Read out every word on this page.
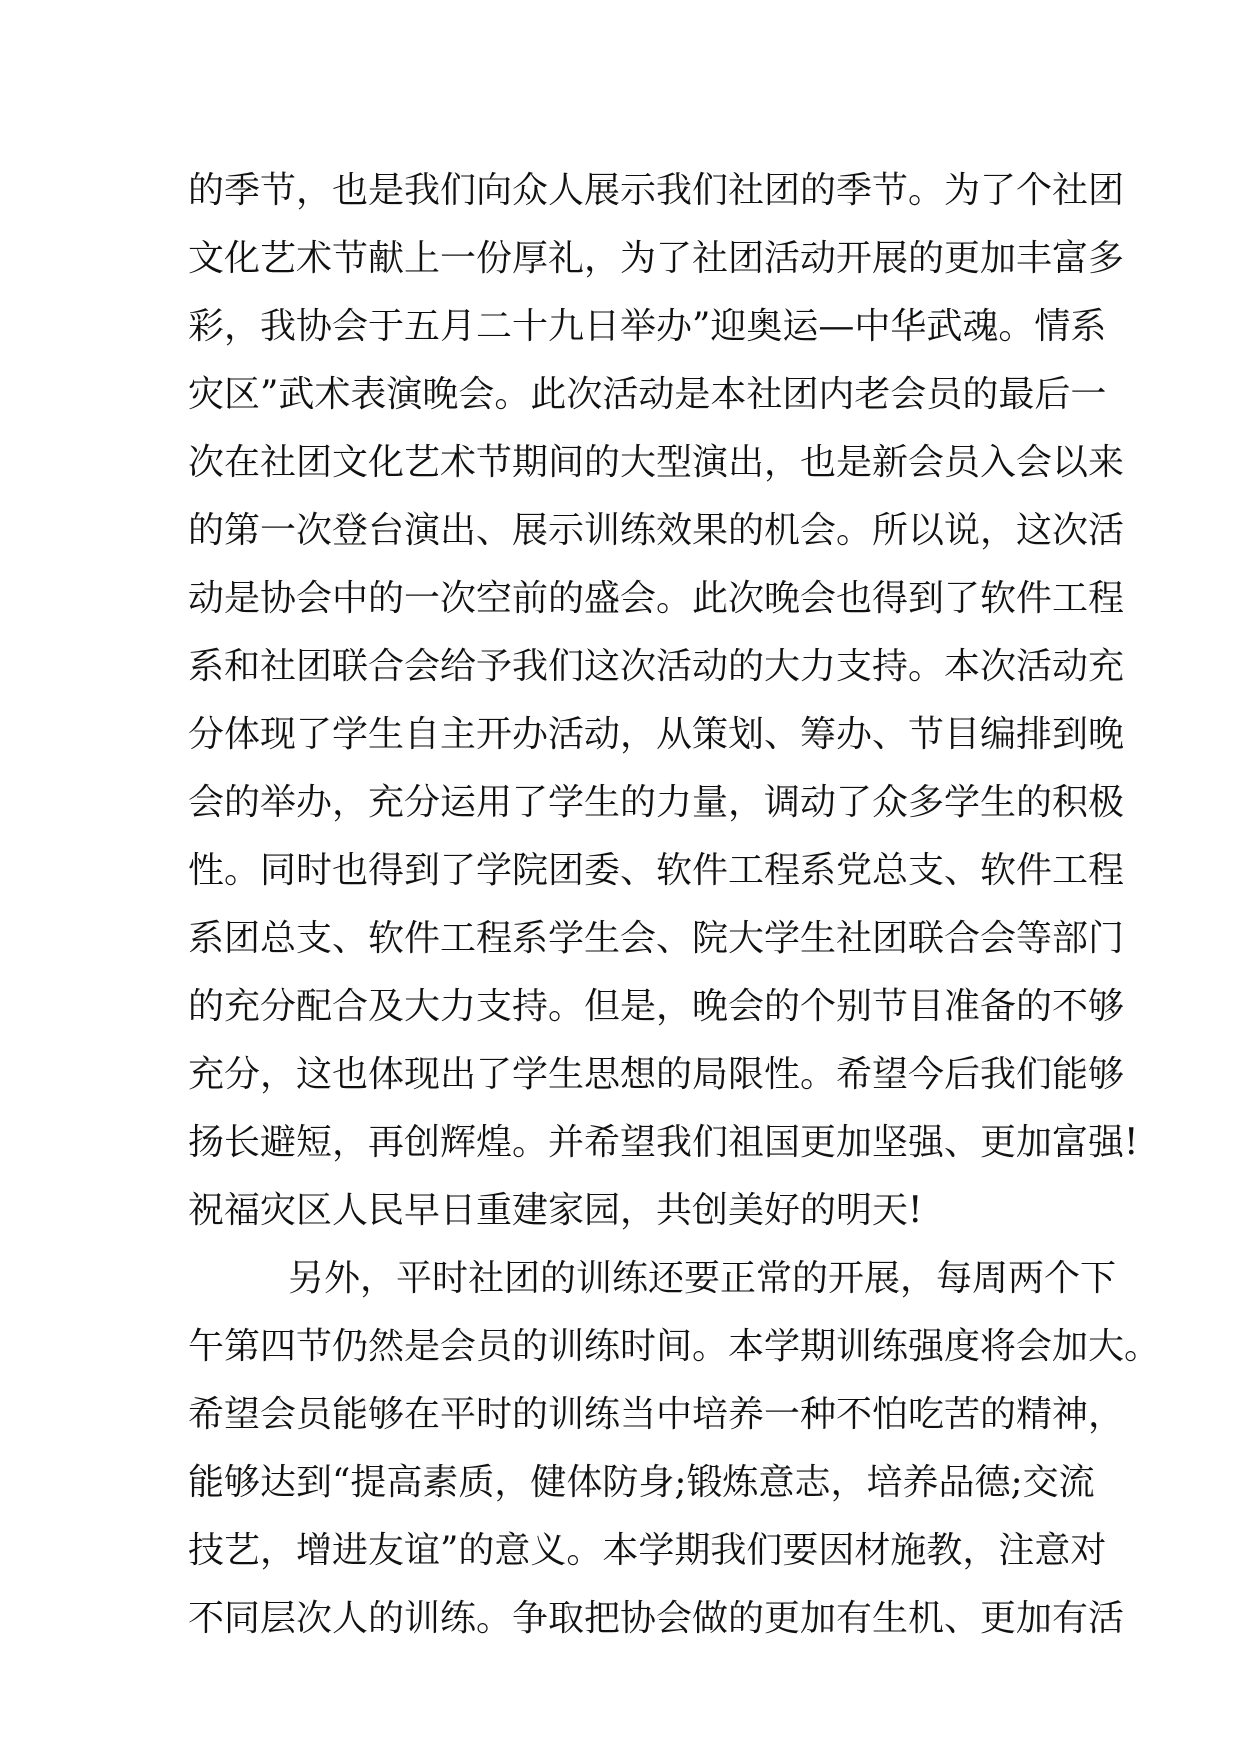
的季节，也是我们向众人展示我们社团的季节。为了个社团
文化艺术节献上一份厚礼，为了社团活动开展的更加丰富多
彩，我协会于五月二十九日举办”迎奥运—中华武魂。情系
灾区”武术表演晚会。此次活动是本社团内老会员的最后一
次在社团文化艺术节期间的大型演出，也是新会员入会以来
的第一次登台演出、展示训练效果的机会。所以说，这次活
动是协会中的一次空前的盛会。此次晚会也得到了软件工程
系和社团联合会给予我们这次活动的大力支持。本次活动充
分体现了学生自主开办活动，从策划、筹办、节目编排到晚
会的举办，充分运用了学生的力量，调动了众多学生的积极
性。同时也得到了学院团委、软件工程系党总支、软件工程
系团总支、软件工程系学生会、院大学生社团联合会等部门
的充分配合及大力支持。但是，晚会的个别节目准备的不够
充分，这也体现出了学生思想的局限性。希望今后我们能够
扬长避短，再创辉煌。并希望我们祖国更加坚强、更加富强!
祝福灾区人民早日重建家园，共创美好的明天!
另外，平时社团的训练还要正常的开展，每周两个下
午第四节仍然是会员的训练时间。本学期训练强度将会加大。
希望会员能够在平时的训练当中培养一种不怕吃苦的精神，
能够达到“提高素质，健体防身;锻炼意志，培养品德;交流
技艺，增进友谊”的意义。本学期我们要因材施教，注意对
不同层次人的训练。争取把协会做的更加有生机、更加有活
